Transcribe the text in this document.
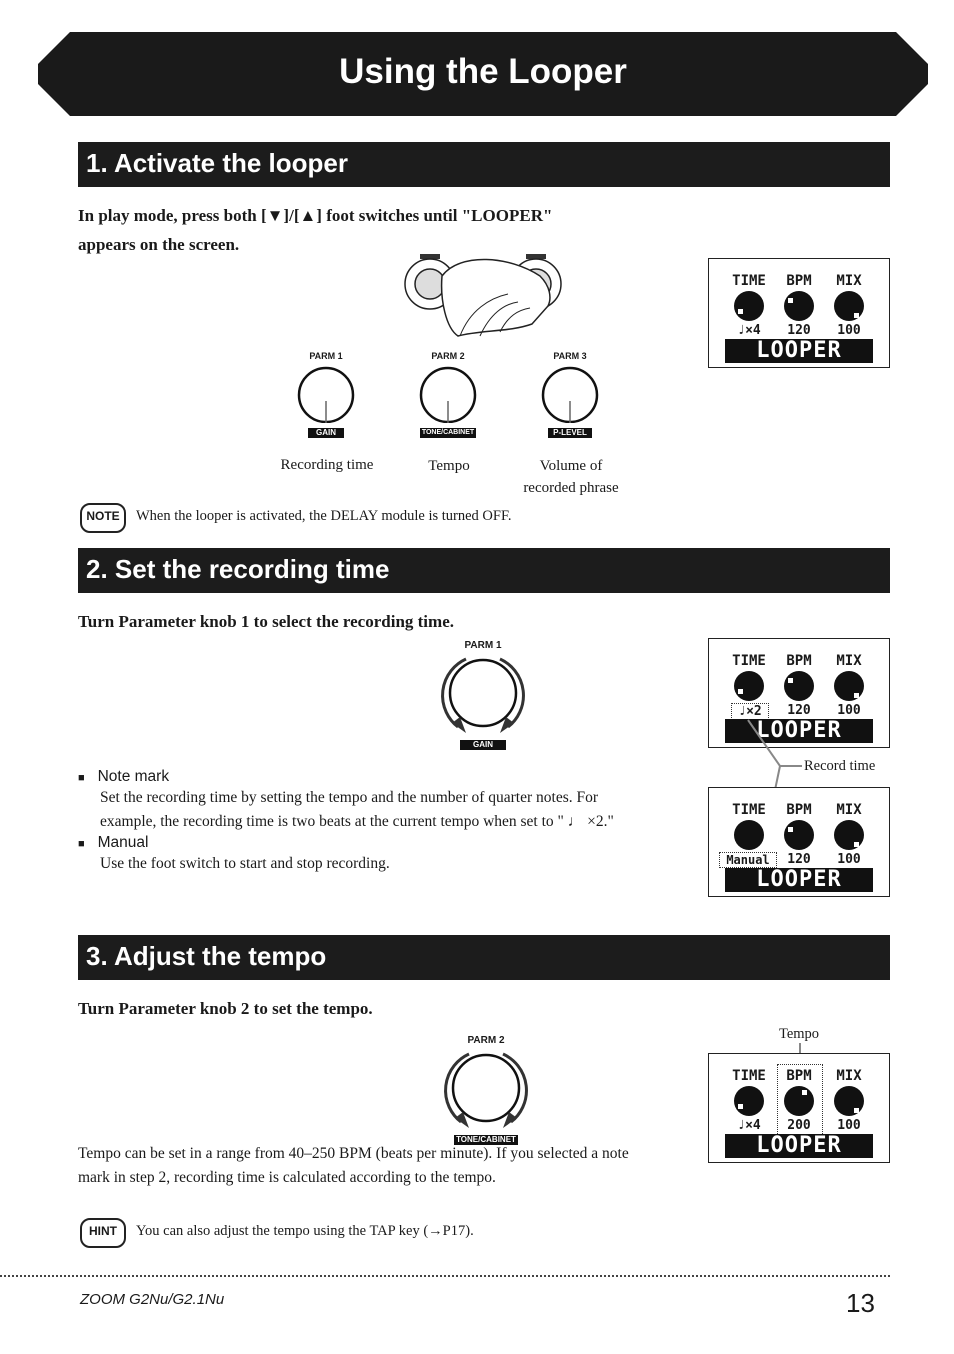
Using the Looper
1. Activate the looper
In play mode, press both [▼]/[▲] foot switches until "LOOPER"
appears on the screen.
PARM 1
GAIN
PARM 2
TONE/CABINET
PARM 3
P-LEVEL
Recording time	Tempo	Volume of
recorded phrase
TIME	BPM	MIX
♩×4	120	100
LOOPER
NOTE	When the looper is activated, the DELAY module is turned OFF.
2. Set the recording time
Turn Parameter knob 1 to select the recording time.
PARM 1
GAIN
■ Note mark
Set the recording time by setting the tempo and the number of quarter notes. For
example, the recording time is two beats at the current tempo when set to " ♩ ×2."
■ Manual
Use the foot switch to start and stop recording.
TIME	BPM	MIX
♩×2	120	100
LOOPER
Record time
TIME	BPM	MIX
Manual	120	100
LOOPER
3. Adjust the tempo
Turn Parameter knob 2 to set the tempo.
PARM 2
TONE/CABINET
Tempo can be set in a range from 40–250 BPM (beats per minute). If you selected a note
mark in step 2, recording time is calculated according to the tempo.
Tempo
TIME	BPM	MIX
♩×4	200	100
LOOPER
HINT	You can also adjust the tempo using the TAP key (→P17).
ZOOM G2Nu/G2.1Nu	13
